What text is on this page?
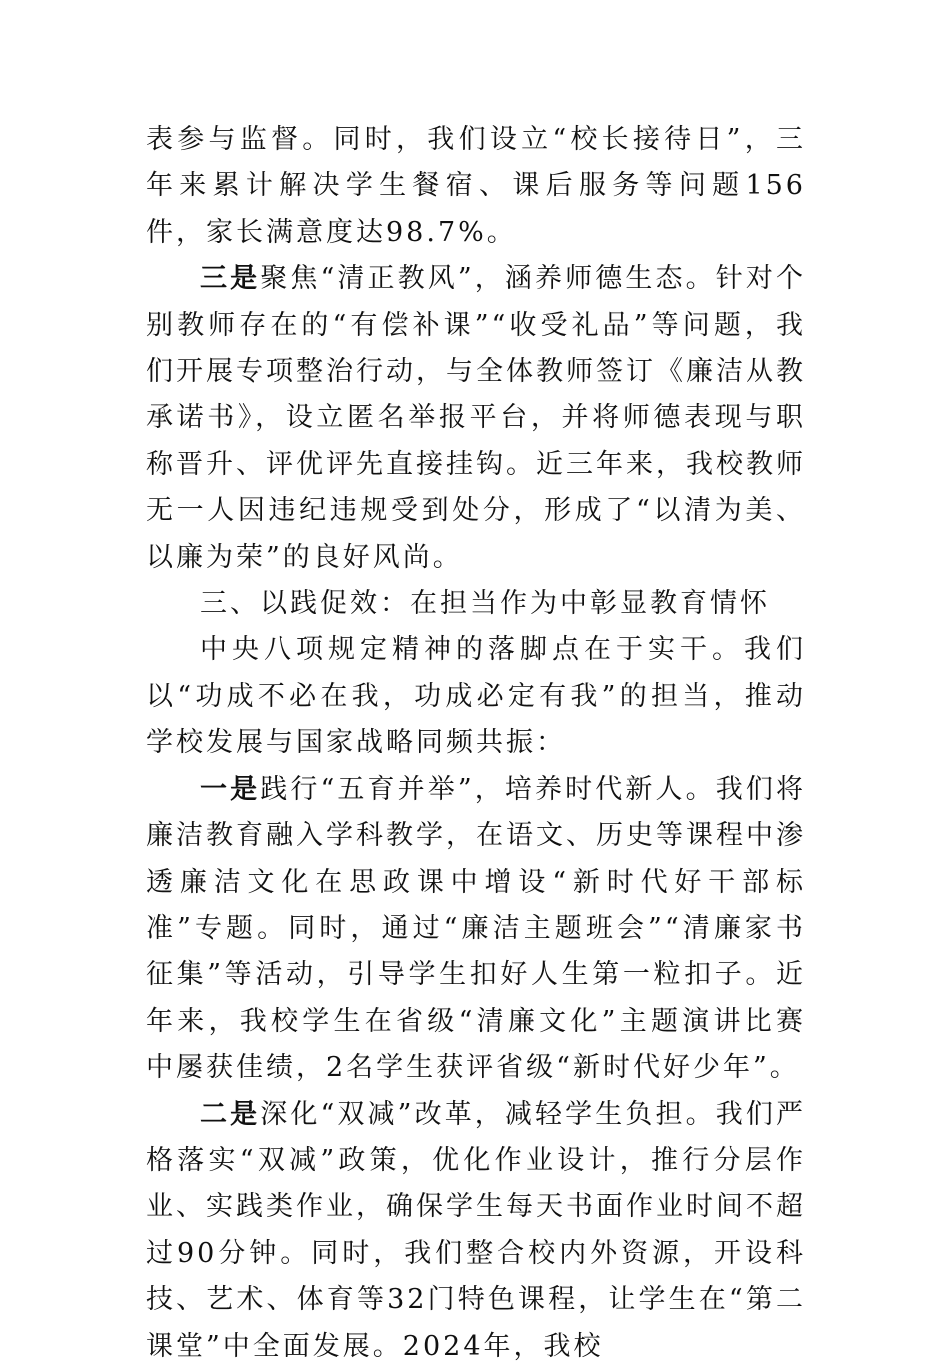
表参与监督。同时，我们设立“校长接待日”，三年来累计解决学生餐宿、课后服务等问题156件，家长满意度达98.7%。

三是聚焦“清正教风”，涵养师德生态。针对个别教师存在的“有偿补课”“收受礼品”等问题，我们开展专项整治行动，与全体教师签订《廉洁从教承诺书》，设立匿名举报平台，并将师德表现与职称晋升、评优评先直接挂钩。近三年来，我校教师无一人因违纪违规受到处分，形成了“以清为美、以廉为荣”的良好风尚。

三、以践促效：在担当作为中彰显教育情怀

中央八项规定精神的落脚点在于实干。我们以“功成不必在我，功成必定有我”的担当，推动学校发展与国家战略同频共振：

一是践行“五育并举”，培养时代新人。我们将廉洁教育融入学科教学，在语文、历史等课程中渗透廉洁文化在思政课中增设“新时代好干部标准”专题。同时，通过“廉洁主题班会”“清廉家书征集”等活动，引导学生扣好人生第一粒扣子。近年来，我校学生在省级“清廉文化”主题演讲比赛中屡获佳绩，2名学生获评省级“新时代好少年”。

二是深化“双减”改革，减轻学生负担。我们严格落实“双减”政策，优化作业设计，推行分层作业、实践类作业，确保学生每天书面作业时间不超过90分钟。同时，我们整合校内外资源，开设科技、艺术、体育等32门特色课程，让学生在“第二课堂”中全面发展。2024年，我校
